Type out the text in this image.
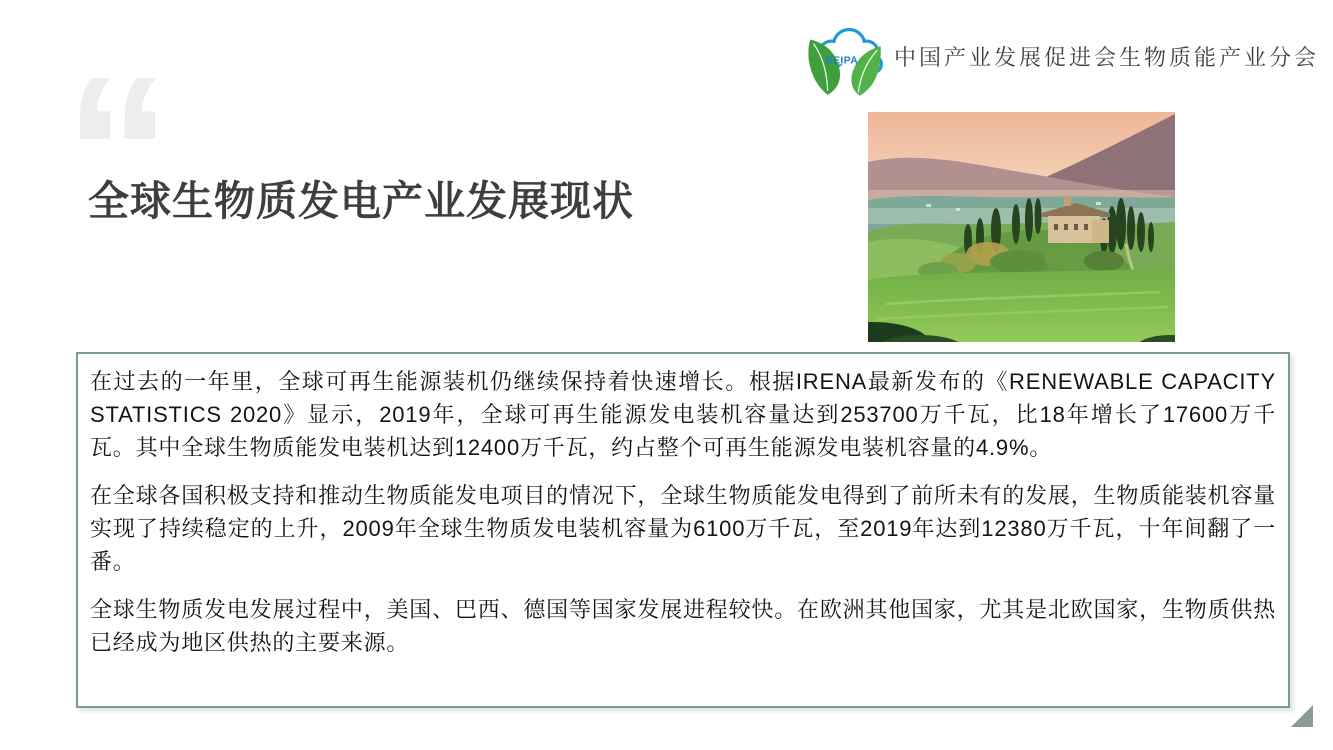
BEIPA 中国产业发展促进会生物质能产业分会
“
全球生物质发电产业发展现状

在过去的一年里，全球可再生能源装机仍继续保持着快速增长。根据IRENA最新发布的《RENEWABLE CAPACITY STATISTICS 2020》显示，2019年，全球可再生能源发电装机容量达到253700万千瓦，比18年增长了17600万千瓦。其中全球生物质能发电装机达到12400万千瓦，约占整个可再生能源发电装机容量的4.9%。

在全球各国积极支持和推动生物质能发电项目的情况下，全球生物质能发电得到了前所未有的发展，生物质能装机容量实现了持续稳定的上升，2009年全球生物质发电装机容量为6100万千瓦，至2019年达到12380万千瓦，十年间翻了一番。

全球生物质发电发展过程中，美国、巴西、德国等国家发展进程较快。在欧洲其他国家，尤其是北欧国家，生物质供热已经成为地区供热的主要来源。
